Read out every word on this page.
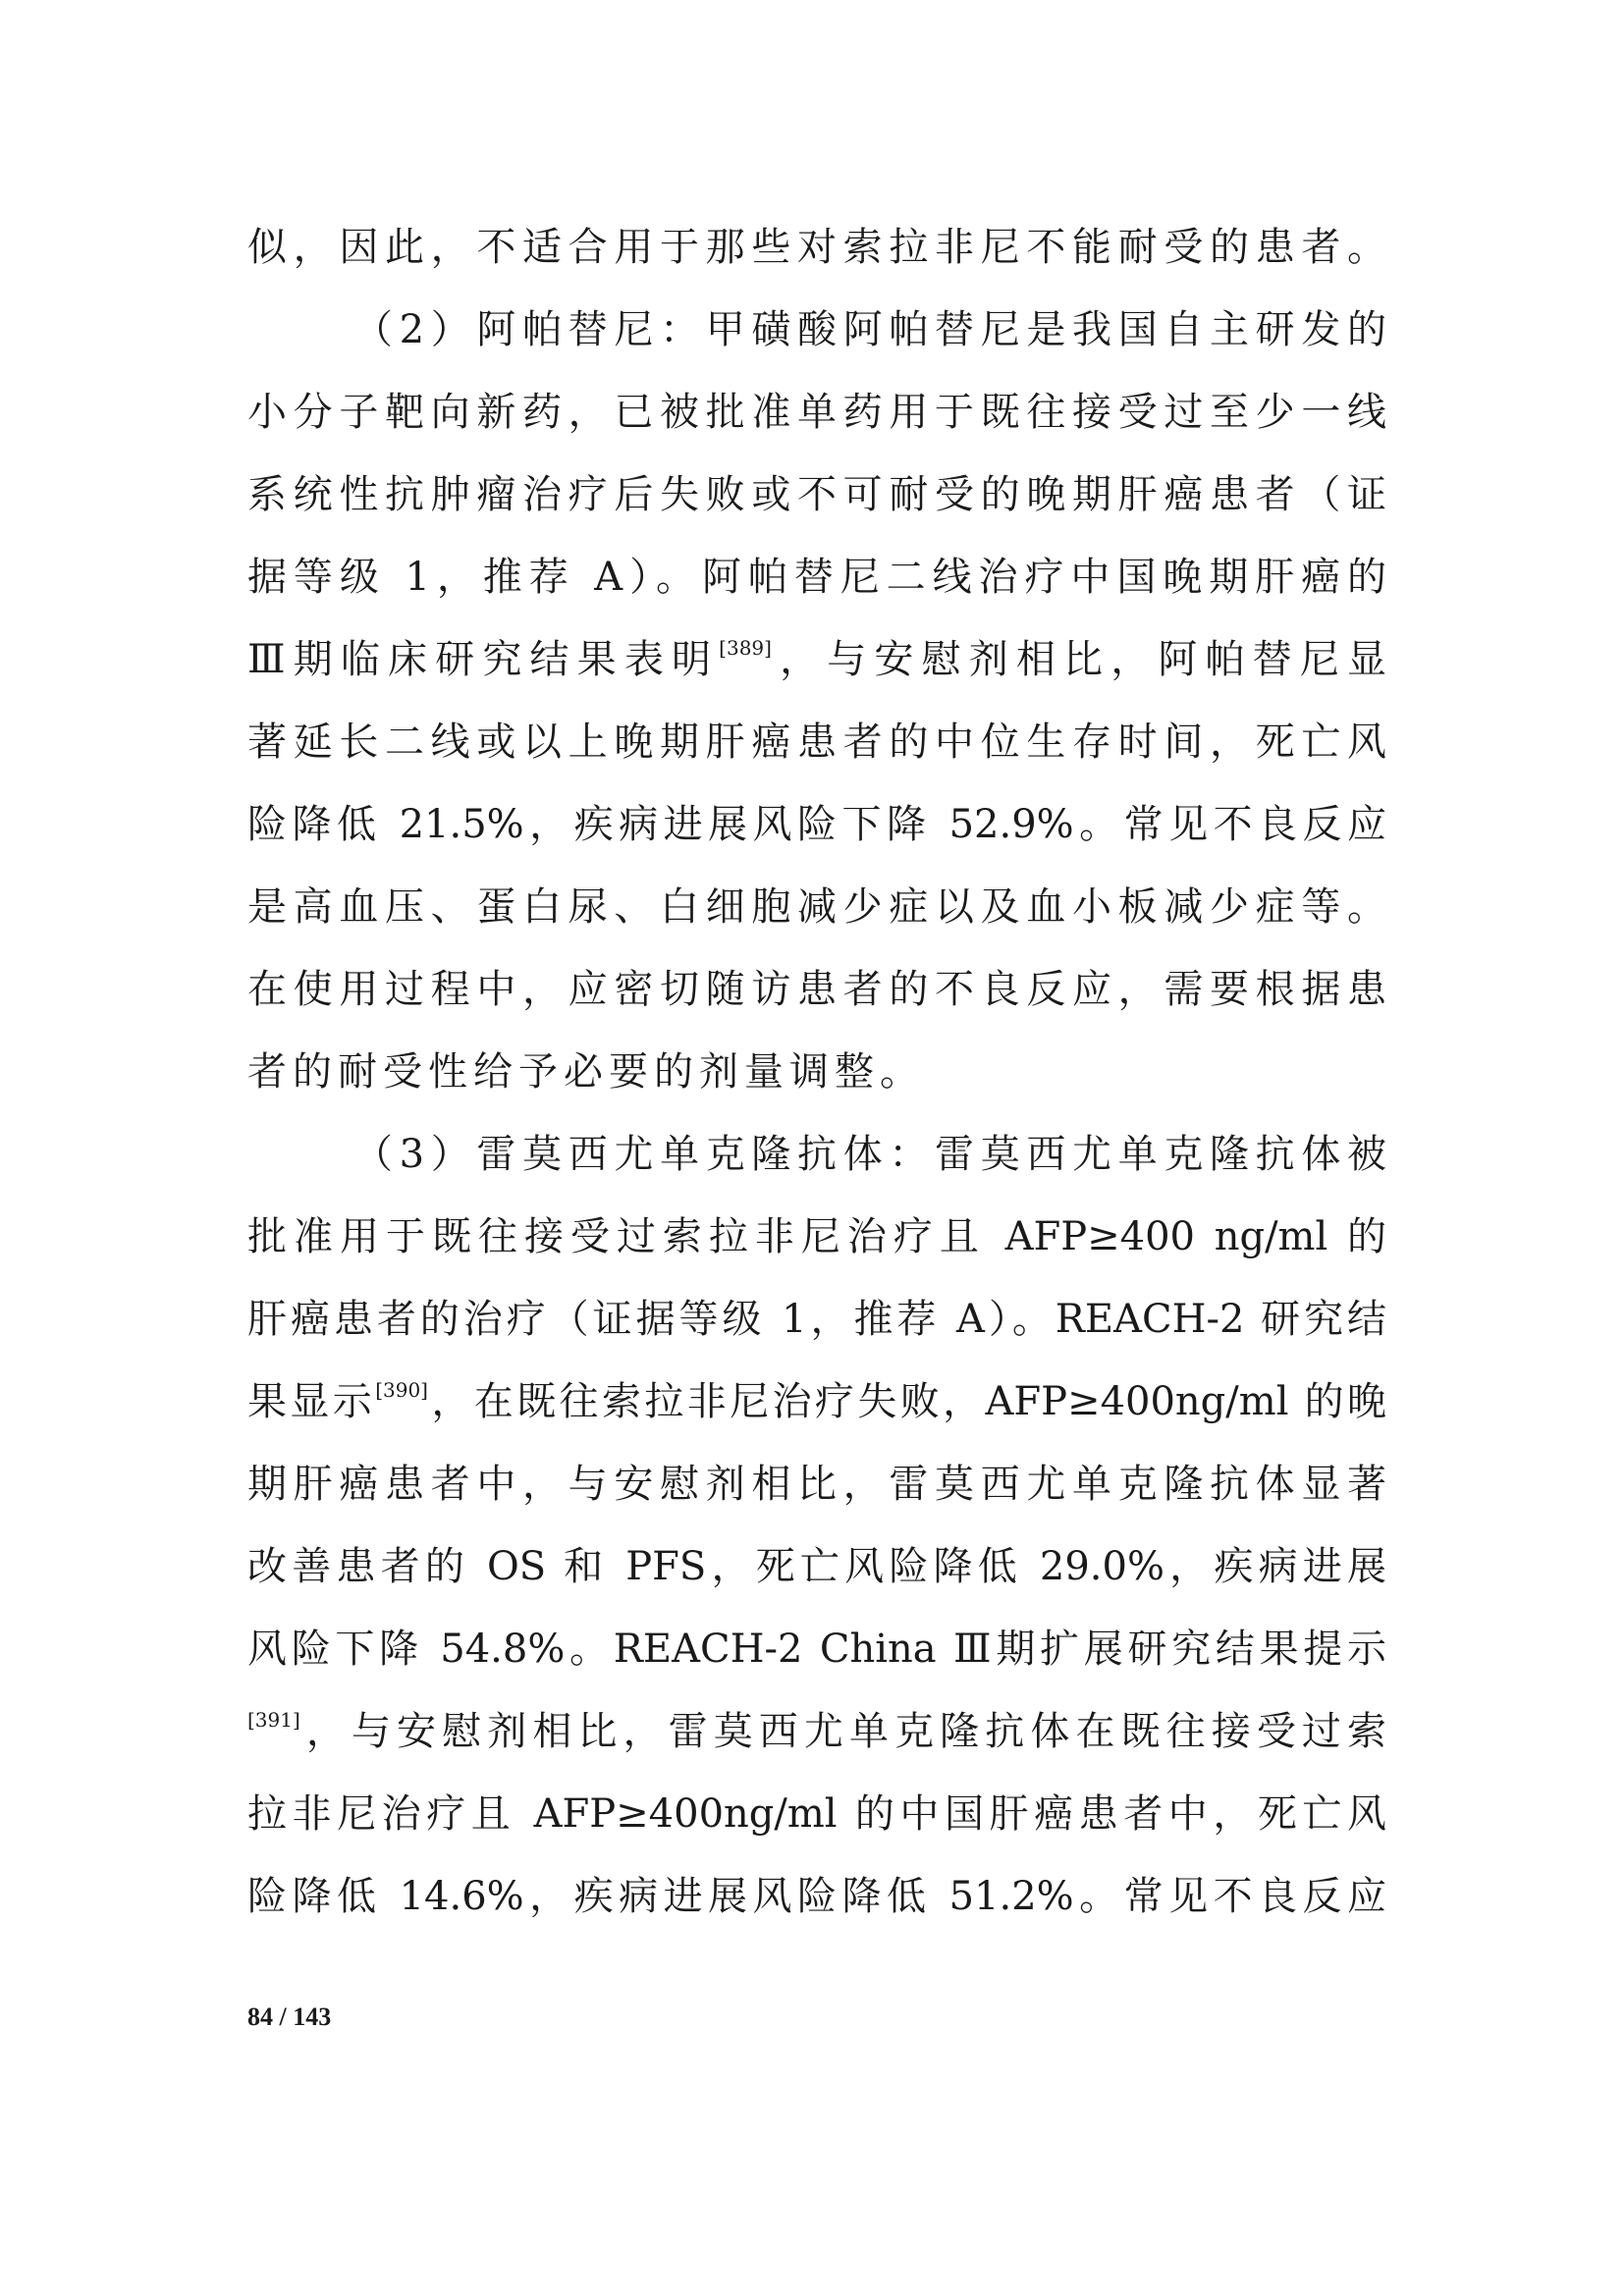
似，因此，不适合用于那些对索拉非尼不能耐受的患者。
（2）阿帕替尼：甲磺酸阿帕替尼是我国自主研发的
小分子靶向新药，已被批准单药用于既往接受过至少一线
系统性抗肿瘤治疗后失败或不可耐受的晚期肝癌患者（证
据等级 1，推荐 A）。阿帕替尼二线治疗中国晚期肝癌的
Ⅲ期临床研究结果表明[389]，与安慰剂相比，阿帕替尼显
著延长二线或以上晚期肝癌患者的中位生存时间，死亡风
险降低 21.5%，疾病进展风险下降 52.9%。常见不良反应
是高血压、蛋白尿、白细胞减少症以及血小板减少症等。
在使用过程中，应密切随访患者的不良反应，需要根据患
者的耐受性给予必要的剂量调整。
（3）雷莫西尤单克隆抗体：雷莫西尤单克隆抗体被
批准用于既往接受过索拉非尼治疗且 AFP≥400 ng/ml 的
肝癌患者的治疗（证据等级 1，推荐 A）。REACH-2 研究结
果显示[390]，在既往索拉非尼治疗失败，AFP≥400ng/ml 的晚
期肝癌患者中，与安慰剂相比，雷莫西尤单克隆抗体显著
改善患者的 OS 和 PFS，死亡风险降低 29.0%，疾病进展
风险下降 54.8%。REACH-2 China Ⅲ期扩展研究结果提示
[391]，与安慰剂相比，雷莫西尤单克隆抗体在既往接受过索
拉非尼治疗且 AFP≥400ng/ml 的中国肝癌患者中，死亡风
险降低 14.6%，疾病进展风险降低 51.2%。常见不良反应
84 / 143
